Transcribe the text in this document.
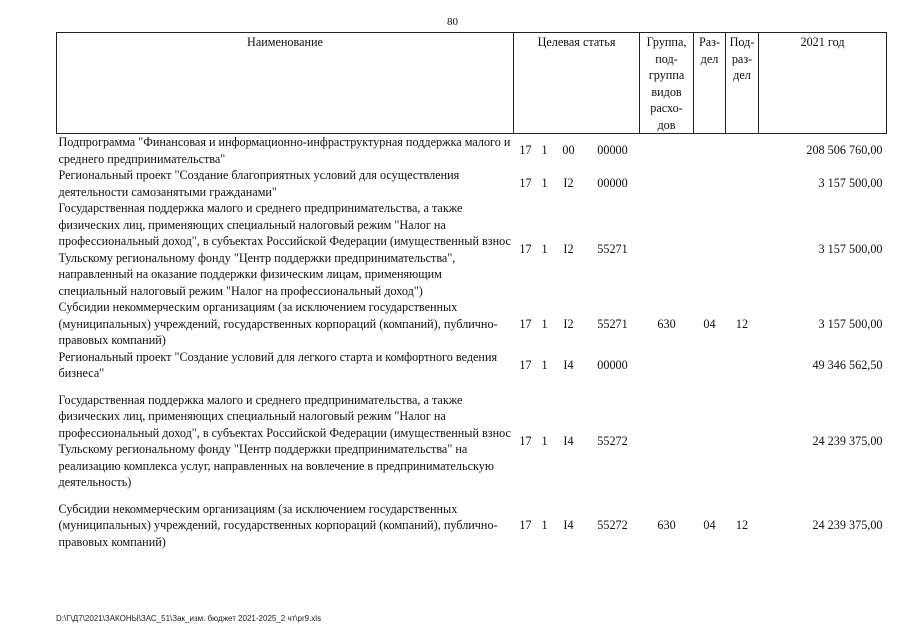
80
Наименование	Целевая статья				Группа, под-группа видов расхо-дов	Раз-дел	Под-раз-дел	2021 год
Подпрограмма "Финансовая и информационно-инфраструктурная поддержка малого и среднего предпринимательства"	17	1	00	00000				208 506 760,00
Региональный проект "Создание благоприятных условий для осуществления деятельности самозанятыми гражданами"	17	1	I2	00000				3 157 500,00
Государственная поддержка малого и среднего предпринимательства, а также физических лиц, применяющих специальный налоговый режим "Налог на профессиональный доход", в субъектах Российской Федерации (имущественный взнос Тульскому региональному фонду "Центр поддержки предпринимательства", направленный на оказание поддержки физическим лицам, применяющим специальный налоговый режим "Налог на профессиональный доход")	17	1	I2	55271				3 157 500,00
Субсидии некоммерческим организациям (за исключением государственных (муниципальных) учреждений, государственных корпораций (компаний), публично-правовых компаний)	17	1	I2	55271	630	04	12	3 157 500,00
Региональный проект "Создание условий для легкого старта и комфортного ведения бизнеса"	17	1	I4	00000				49 346 562,50

Государственная поддержка малого и среднего предпринимательства, а также физических лиц, применяющих специальный налоговый режим "Налог на профессиональный доход", в субъектах Российской Федерации (имущественный взнос Тульскому региональному фонду "Центр поддержки предпринимательства" на реализацию комплекса услуг, направленных на вовлечение в предпринимательскую деятельность)	17	1	I4	55272				24 239 375,00

Субсидии некоммерческим организациям (за исключением государственных (муниципальных) учреждений, государственных корпораций (компаний), публично-правовых компаний)	17	1	I4	55272	630	04	12	24 239 375,00
D:\Г\Д7\2021\ЗАКОНЫ\ЗАС_51\Зак_изм. бюджет 2021-2025_2 чт\pr9.xls
